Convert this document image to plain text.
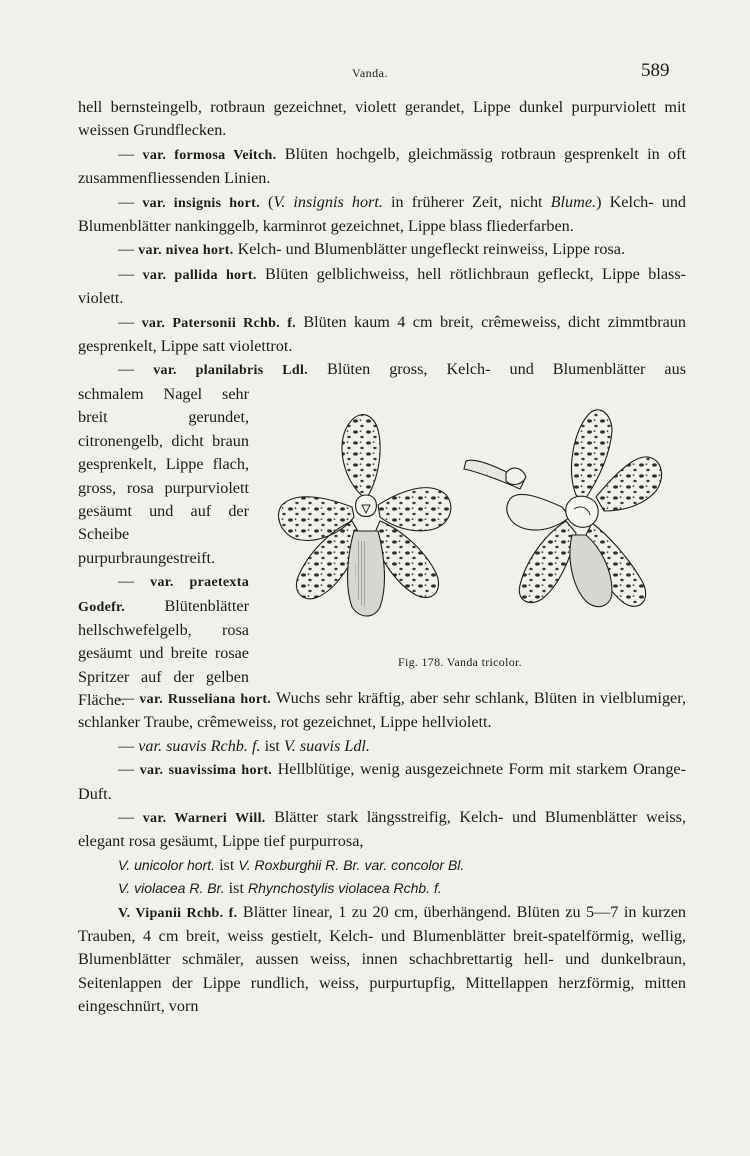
Vanda.	589

hell bernsteingelb, rotbraun gezeichnet, violett gerandet, Lippe dunkel purpurviolett mit weissen Grundflecken.

— var. formosa Veitch. Blüten hochgelb, gleichmässig rotbraun gesprenkelt in oft zusammenfliessenden Linien.

— var. insignis hort. (V. insignis hort. in früherer Zeit, nicht Blume.) Kelch- und Blumenblätter nankinggelb, karminrot gezeichnet, Lippe blass fliederfarben.

— var. nivea hort. Kelch- und Blumenblätter ungefleckt reinweiss, Lippe rosa.

— var. pallida hort. Blüten gelblichweiss, hell rötlichbraun gefleckt, Lippe blass-violett.

— var. Patersonii Rchb. f. Blüten kaum 4 cm breit, crêmeweiss, dicht zimmtbraun gesprenkelt, Lippe satt violettrot.

— var. planilabris Ldl. Blüten gross, Kelch- und Blumenblätter aus

schmalem Nagel sehr breit gerundet, citronengelb, dicht braun gesprenkelt, Lippe flach, gross, rosa purpurviolett gesäumt und auf der Scheibe purpurbraungestreift.

— var. praetexta Godefr. Blütenblätter hellschwefelgelb, rosa gesäumt und breite rosae Spritzer auf der gelben Fläche.

Fig. 178. Vanda tricolor.

— var. Russeliana hort. Wuchs sehr kräftig, aber sehr schlank, Blüten in vielblumiger, schlanker Traube, crêmeweiss, rot gezeichnet, Lippe hellviolett.

— var. suavis Rchb. f. ist V. suavis Ldl.

— var. suavissima hort. Hellblütige, wenig ausgezeichnete Form mit starkem Orange-Duft.

— var. Warneri Will. Blätter stark längsstreifig, Kelch- und Blumenblätter weiss, elegant rosa gesäumt, Lippe tief purpurrosa,

V. unicolor hort. ist V. Roxburghii R. Br. var. concolor Bl.

V. violacea R. Br. ist Rhynchostylis violacea Rchb. f.

V. Vipanii Rchb. f. Blätter linear, 1 zu 20 cm, überhängend. Blüten zu 5—7 in kurzen Trauben, 4 cm breit, weiss gestielt, Kelch- und Blumenblätter breit-spatelförmig, wellig, Blumenblätter schmäler, aussen weiss, innen schachbrettartig hell- und dunkelbraun, Seitenlappen der Lippe rundlich, weiss, purpurtupfig, Mittellappen herzförmig, mitten eingeschnürt, vorn
